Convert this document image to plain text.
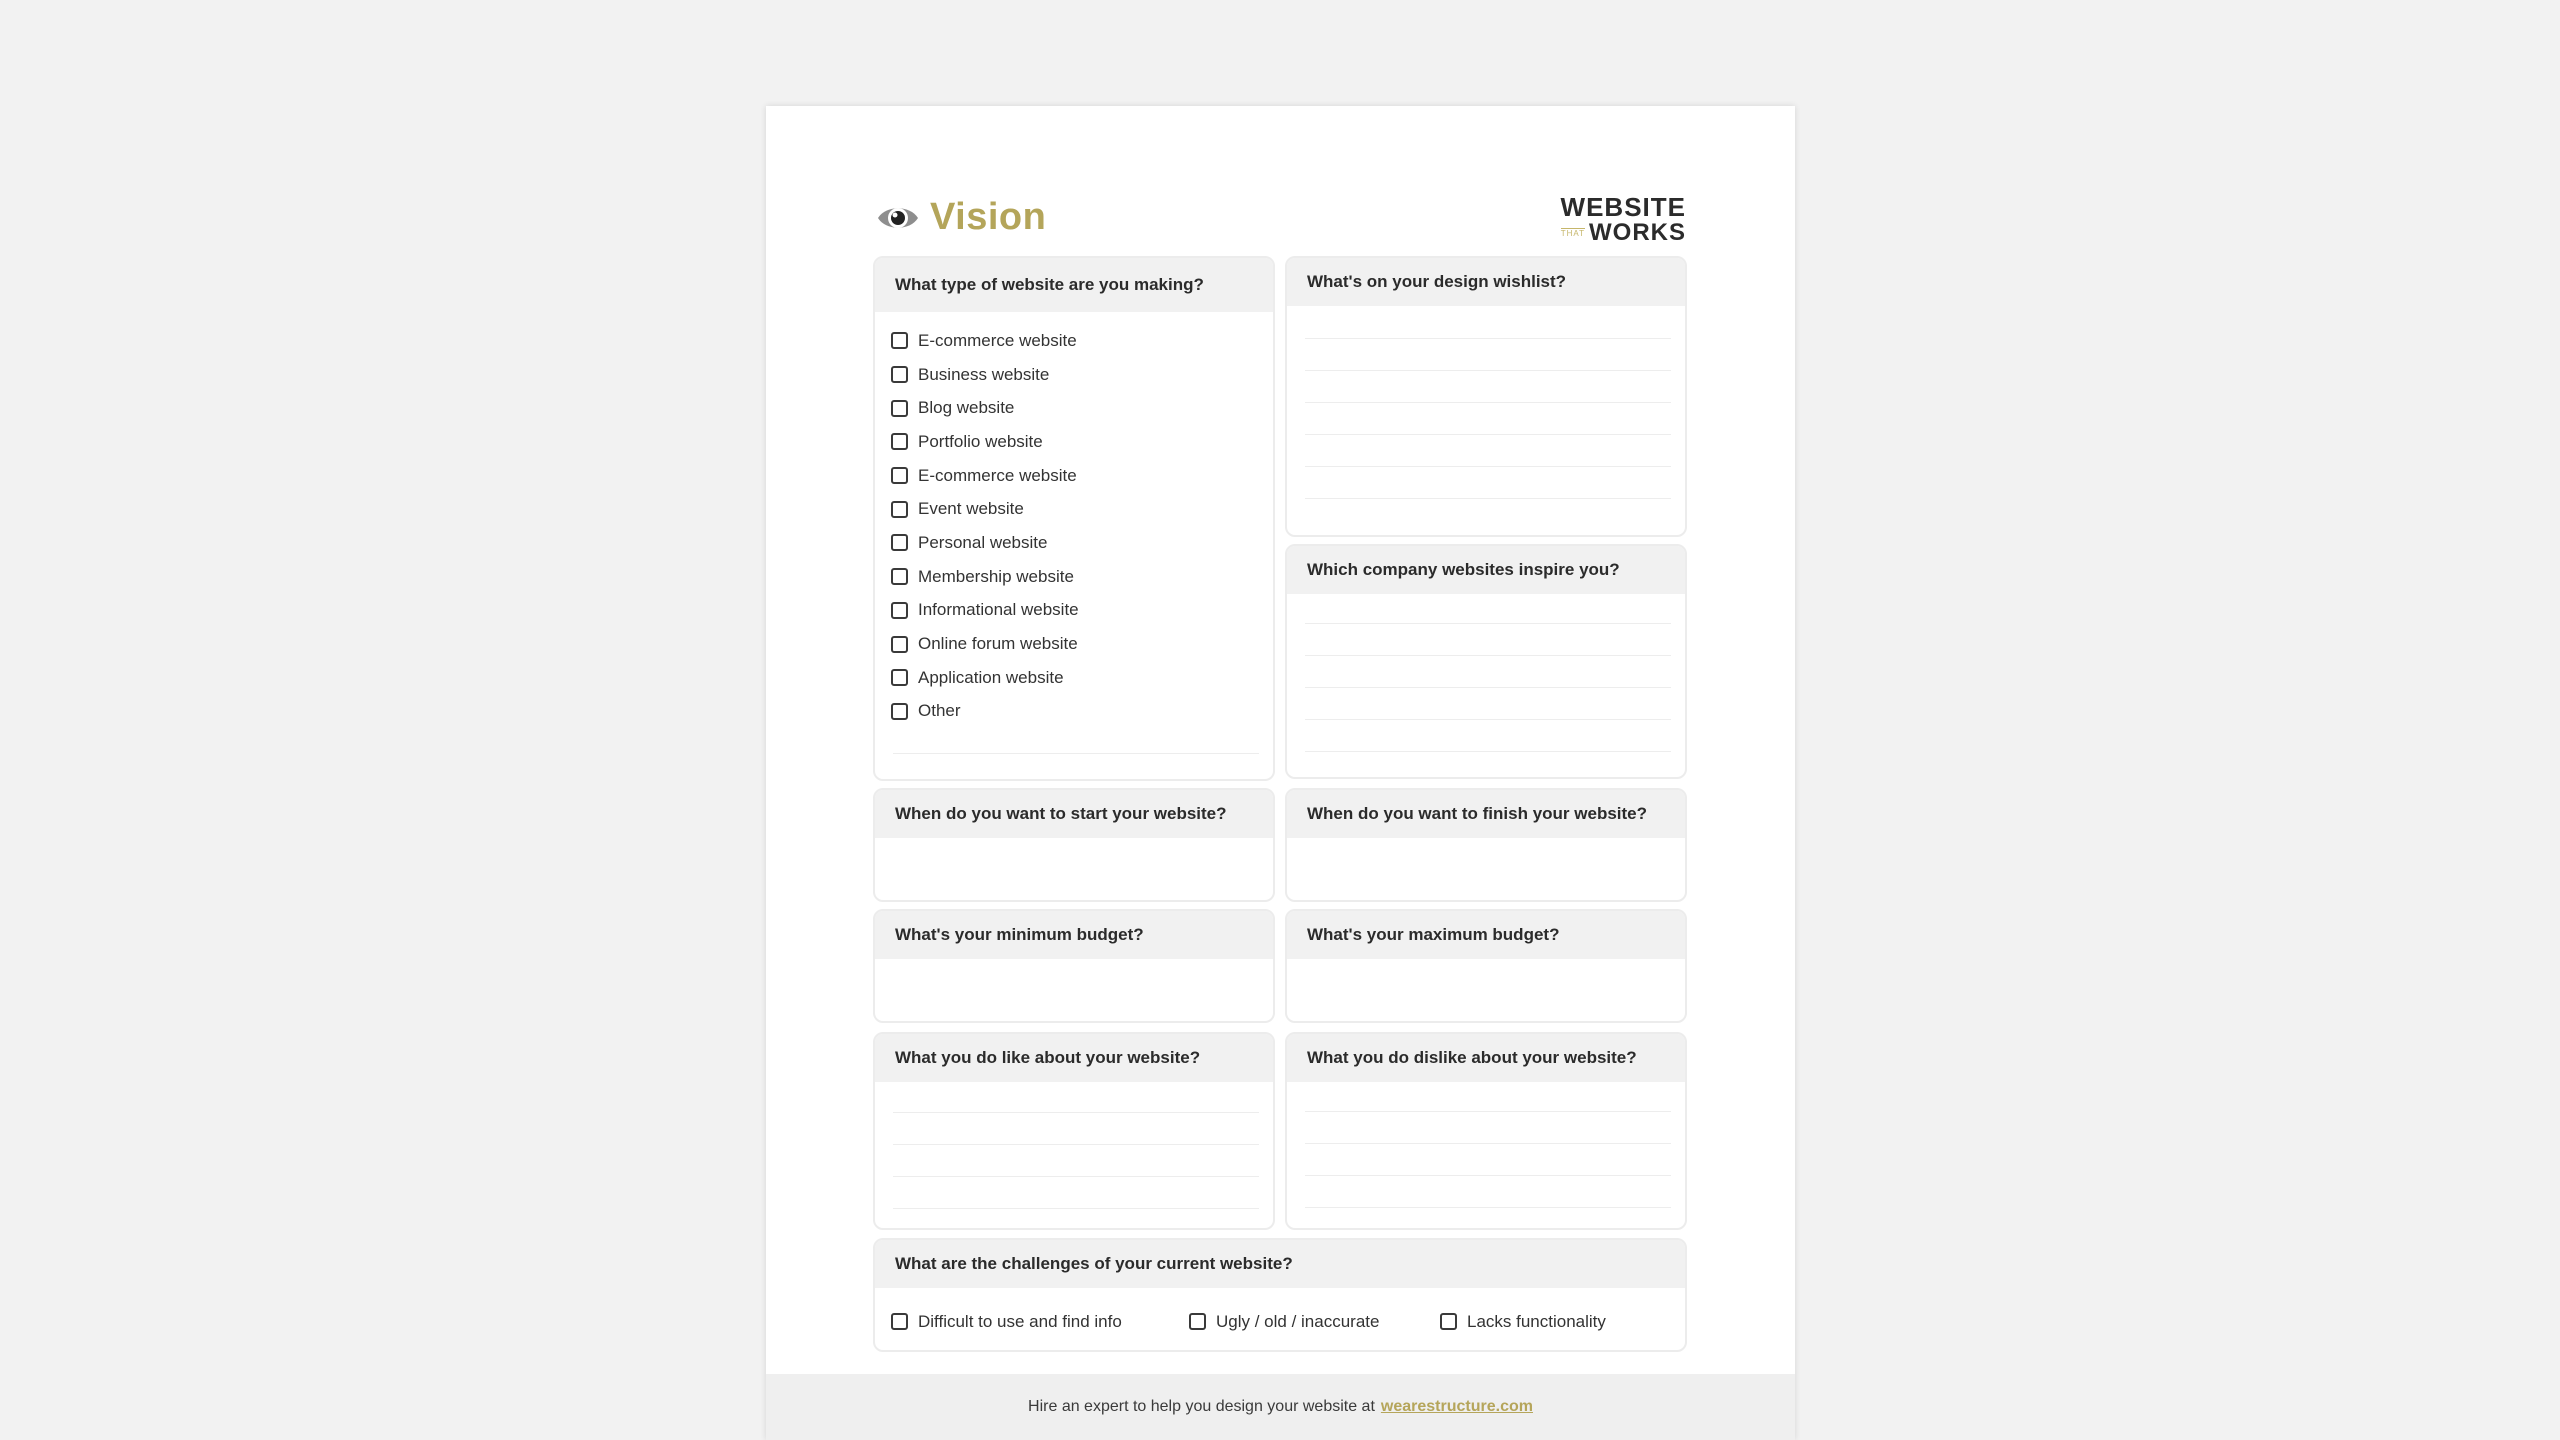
Vision	WEBSITE
THAT WORKS
What type of website are you making?
E-commerce website
Business website
Blog website
Portfolio website
E-commerce website
Event website
Personal website
Membership website
Informational website
Online forum website
Application website
Other
What's on your design wishlist?
Which company websites inspire you?
When do you want to start your website?	When do you want to finish your website?
What's your minimum budget?	What's your maximum budget?
What you do like about your website?	What you do dislike about your website?
What are the challenges of your current website?
Difficult to use and find info	Ugly / old / inaccurate	Lacks functionality
Hire an expert to help you design your website at wearestructure.com
